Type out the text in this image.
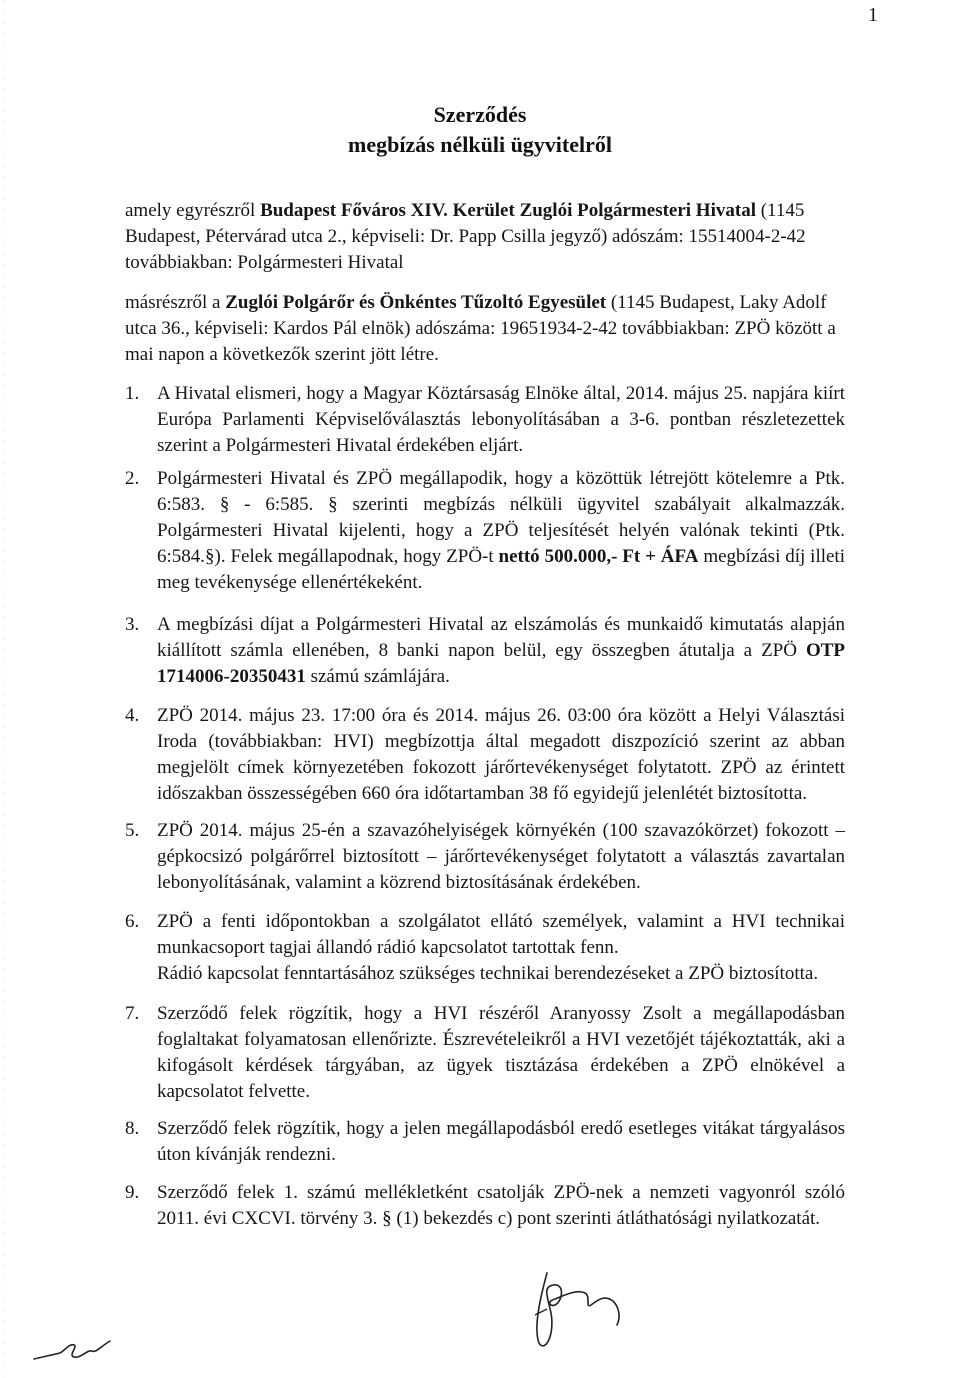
1
Szerződés
megbízás nélküli ügyvitelről
amely egyrészről Budapest Főváros XIV. Kerület Zuglói Polgármesteri Hivatal (1145 Budapest, Pétervárad utca 2., képviseli: Dr. Papp Csilla jegyző) adószám: 15514004-2-42 továbbiakban: Polgármesteri Hivatal
másrészről a Zuglói Polgárőr és Önkéntes Tűzoltó Egyesület (1145 Budapest, Laky Adolf utca 36., képviseli: Kardos Pál elnök) adószáma: 19651934-2-42 továbbiakban: ZPÖ között a mai napon a következők szerint jött létre.
1. A Hivatal elismeri, hogy a Magyar Köztársaság Elnöke által, 2014. május 25. napjára kiírt Európa Parlamenti Képviselőválasztás lebonyolításában a 3-6. pontban részletezettek szerint a Polgármesteri Hivatal érdekében eljárt.
2. Polgármesteri Hivatal és ZPÖ megállapodik, hogy a közöttük létrejött kötelemre a Ptk. 6:583. § - 6:585. § szerinti megbízás nélküli ügyvitel szabályait alkalmazzák. Polgármesteri Hivatal kijelenti, hogy a ZPÖ teljesítését helyén valónak tekinti (Ptk. 6:584.§). Felek megállapodnak, hogy ZPÖ-t nettó 500.000,- Ft + ÁFA megbízási díj illeti meg tevékenysége ellenértékeként.
3. A megbízási díjat a Polgármesteri Hivatal az elszámolás és munkaidő kimutatás alapján kiállított számla ellenében, 8 banki napon belül, egy összegben átutalja a ZPÖ OTP 1714006-20350431 számú számlájára.
4. ZPÖ 2014. május 23. 17:00 óra és 2014. május 26. 03:00 óra között a Helyi Választási Iroda (továbbiakban: HVI) megbízottja által megadott diszpozíció szerint az abban megjelölt címek környezetében fokozott járőrtevékenységet folytatott. ZPÖ az érintett időszakban összességében 660 óra időtartamban 38 fő egyidejű jelenlétét biztosította.
5. ZPÖ 2014. május 25-én a szavazóhelyiségek környékén (100 szavazókörzet) fokozott – gépkocsizó polgárőrrel biztosított – járőrtevékenységet folytatott a választás zavartalan lebonyolításának, valamint a közrend biztosításának érdekében.
6. ZPÖ a fenti időpontokban a szolgálatot ellátó személyek, valamint a HVI technikai munkacsoport tagjai állandó rádió kapcsolatot tartottak fenn.
Rádió kapcsolat fenntartásához szükséges technikai berendezéseket a ZPÖ biztosította.
7. Szerződő felek rögzítik, hogy a HVI részéről Aranyossy Zsolt a megállapodásban foglaltakat folyamatosan ellenőrizte. Észrevételeikről a HVI vezetőjét tájékoztatták, aki a kifogásolt kérdések tárgyában, az ügyek tisztázása érdekében a ZPÖ elnökével a kapcsolatot felvette.
8. Szerződő felek rögzítik, hogy a jelen megállapodásból eredő esetleges vitákat tárgyalásos úton kívánják rendezni.
9. Szerződő felek 1. számú mellékletként csatolják ZPÖ-nek a nemzeti vagyonról szóló 2011. évi CXCVI. törvény 3. § (1) bekezdés c) pont szerinti átláthatósági nyilatkozatát.
